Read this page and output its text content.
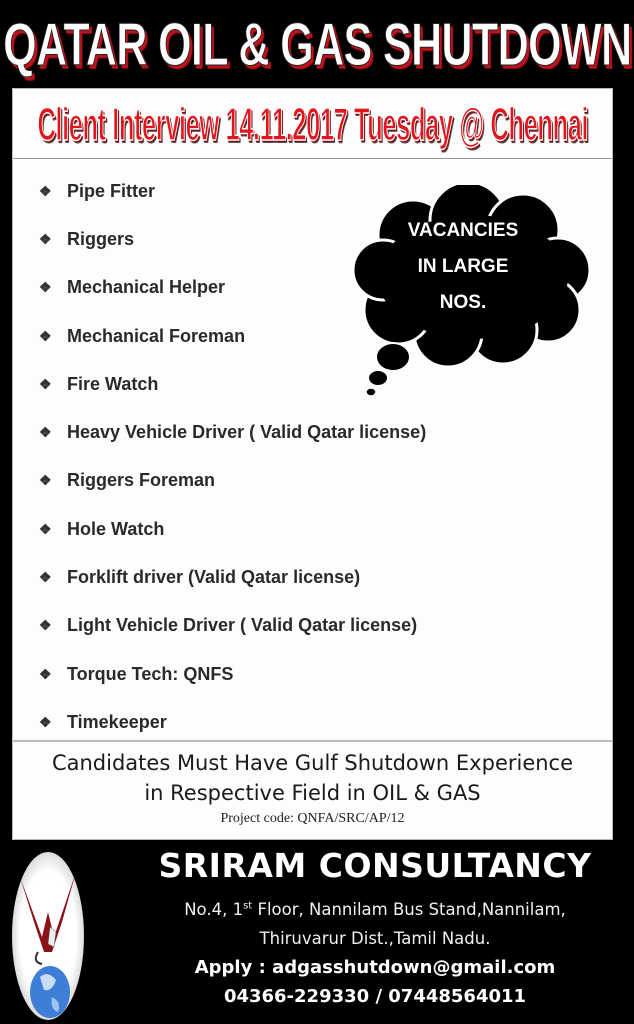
QATAR OIL & GAS SHUTDOWN
Client Interview 14.11.2017 Tuesday @ Chennai
❖ Pipe Fitter
❖ Riggers
❖ Mechanical Helper
❖ Mechanical Foreman
❖ Fire Watch
❖ Heavy Vehicle Driver ( Valid Qatar license)
❖ Riggers Foreman
❖ Hole Watch
❖ Forklift driver (Valid Qatar license)
❖ Light Vehicle Driver ( Valid Qatar license)
❖ Torque Tech: QNFS
❖ Timekeeper
VACANCIES
IN LARGE
NOS.
Candidates Must Have Gulf Shutdown Experience
in Respective Field in OIL & GAS
Project code: QNFA/SRC/AP/12
SRIRAM CONSULTANCY
No.4, 1st Floor, Nannilam Bus Stand,Nannilam,
Thiruvarur Dist.,Tamil Nadu.
Apply : adgasshutdown@gmail.com
04366-229330 / 07448564011
